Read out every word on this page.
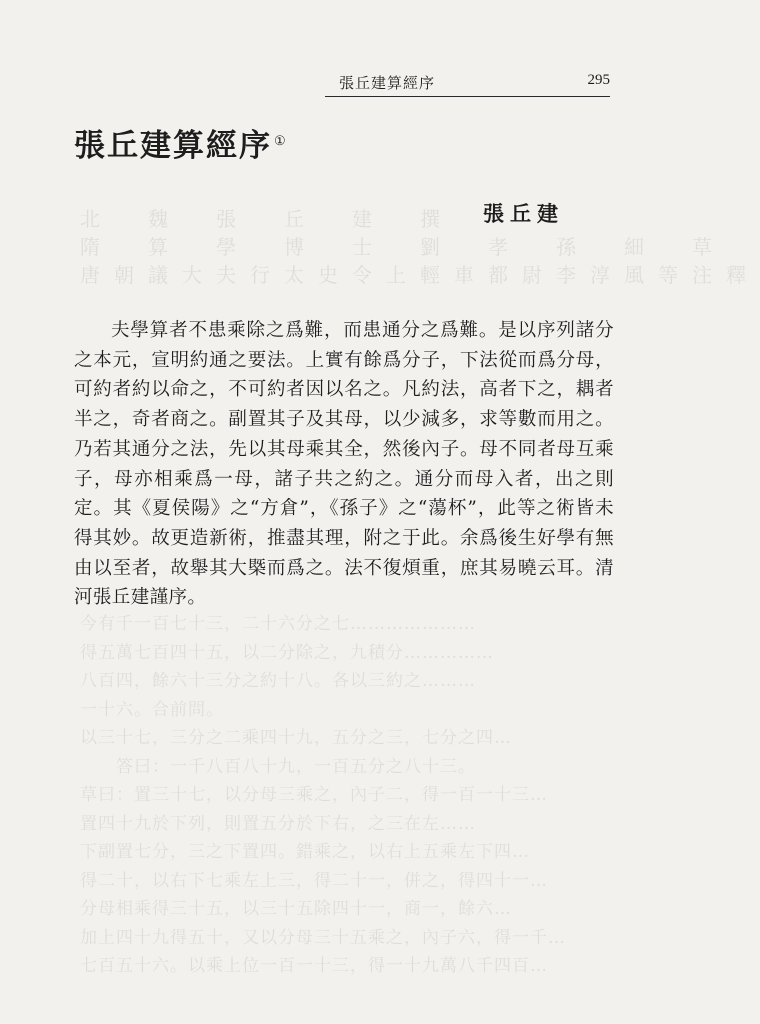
張丘建算經序	295
張丘建算經序 ①
張丘建
北　魏　張　丘　建　撰
隋　算　學　博　士　劉　孝　孫　細　草
唐朝議大夫行太史令上輕車都尉李淳風等注釋
夫學算者不患乘除之爲難，而患通分之爲難。是以序列諸分之本元，宣明約通之要法。上實有餘爲分子，下法從而爲分母，可約者約以命之，不可約者因以名之。凡約法，高者下之，耦者半之，奇者商之。副置其子及其母，以少減多，求等數而用之。乃若其通分之法，先以其母乘其全，然後內子。母不同者母互乘子，母亦相乘爲一母，諸子共之約之。通分而母入者，出之則定。其《夏侯陽》之“方倉”，《孫子》之“蕩杯”，此等之術皆未得其妙。故更造新術，推盡其理，附之于此。余爲後生好學有無由以至者，故舉其大槩而爲之。法不復煩重，庶其易曉云耳。清河張丘建謹序。
今有千一百七十三，二十六分之七…………………
得五萬七百四十五，以二分除之，九積分……………
八百四，餘六十三分之約十八。各以三約之………
一十六。合前問。
以三十七，三分之二乘四十九，五分之三，七分之四…
　　答曰：一千八百八十九，一百五分之八十三。
草曰：置三十七，以分母三乘之，內子二，得一百一十三…
置四十九於下列，則置五分於下右，之三在左……
下副置七分，三之下置四。錯乘之，以右上五乘左下四…
得二十，以右下七乘左上三，得二十一，併之，得四十一…
分母相乘得三十五，以三十五除四十一，商一，餘六…
加上四十九得五十，又以分母三十五乘之，內子六，得一千…
七百五十六。以乘上位一百一十三，得一十九萬八千四百…
